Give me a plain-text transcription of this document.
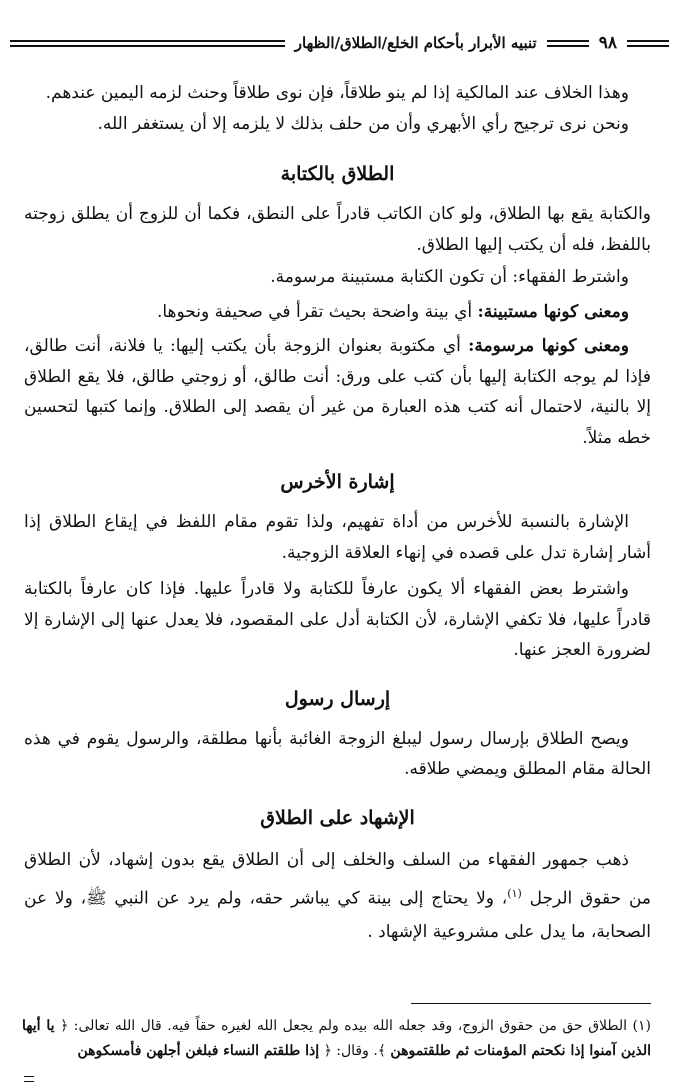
٩٨
تنبيه الأبرار بأحكام الخلع/الطلاق/الظهار

وهذا الخلاف عند المالكية إذا لم ينو طلاقاً، فإن نوى طلاقاً وحنث لزمه اليمين عندهم.

ونحن نرى ترجيح رأي الأبهري وأن من حلف بذلك لا يلزمه إلا أن يستغفر الله.

الطلاق بالكتابة

والكتابة يقع بها الطلاق، ولو كان الكاتب قادراً على النطق، فكما أن للزوج أن يطلق زوجته باللفظ، فله أن يكتب إليها الطلاق.

واشترط الفقهاء: أن تكون الكتابة مستبينة مرسومة.

ومعنى كونها مستبينة: أي بينة واضحة بحيث تقرأ في صحيفة ونحوها.

ومعنى كونها مرسومة: أي مكتوبة بعنوان الزوجة بأن يكتب إليها: يا فلانة، أنت طالق، فإذا لم يوجه الكتابة إليها بأن كتب على ورق: أنت طالق، أو زوجتي طالق، فلا يقع الطلاق إلا بالنية، لاحتمال أنه كتب هذه العبارة من غير أن يقصد إلى الطلاق. وإنما كتبها لتحسين خطه مثلاً.

إشارة الأخرس

الإشارة بالنسبة للأخرس من أداة تفهيم، ولذا تقوم مقام اللفظ في إيقاع الطلاق إذا أشار إشارة تدل على قصده في إنهاء العلاقة الزوجية.

واشترط بعض الفقهاء ألا يكون عارفاً للكتابة ولا قادراً عليها. فإذا كان عارفاً بالكتابة قادراً عليها، فلا تكفي الإشارة، لأن الكتابة أدل على المقصود، فلا يعدل عنها إلى الإشارة إلا لضرورة العجز عنها.

إرسال رسول

ويصح الطلاق بإرسال رسول ليبلغ الزوجة الغائبة بأنها مطلقة، والرسول يقوم في هذه الحالة مقام المطلق ويمضي طلاقه.

الإشهاد على الطلاق

ذهب جمهور الفقهاء من السلف والخلف إلى أن الطلاق يقع بدون إشهاد، لأن الطلاق من حقوق الرجل $^{(١)}$، ولا يحتاج إلى بينة كي يباشر حقه، ولم يرد عن النبي ﷺ، ولا عن الصحابة، ما يدل على مشروعية الإشهاد .

(١) الطلاق حق من حقوق الزوج، وقد جعله الله بيده ولم يجعل الله لغيره حقاً فيه. قال الله تعالى: ﴿ يا أيها الذين آمنوا إذا نكحتم المؤمنات ثم طلقتموهن ﴾. وقال: ﴿ إذا طلقتم النساء فبلغن أجلهن فأمسكوهن
